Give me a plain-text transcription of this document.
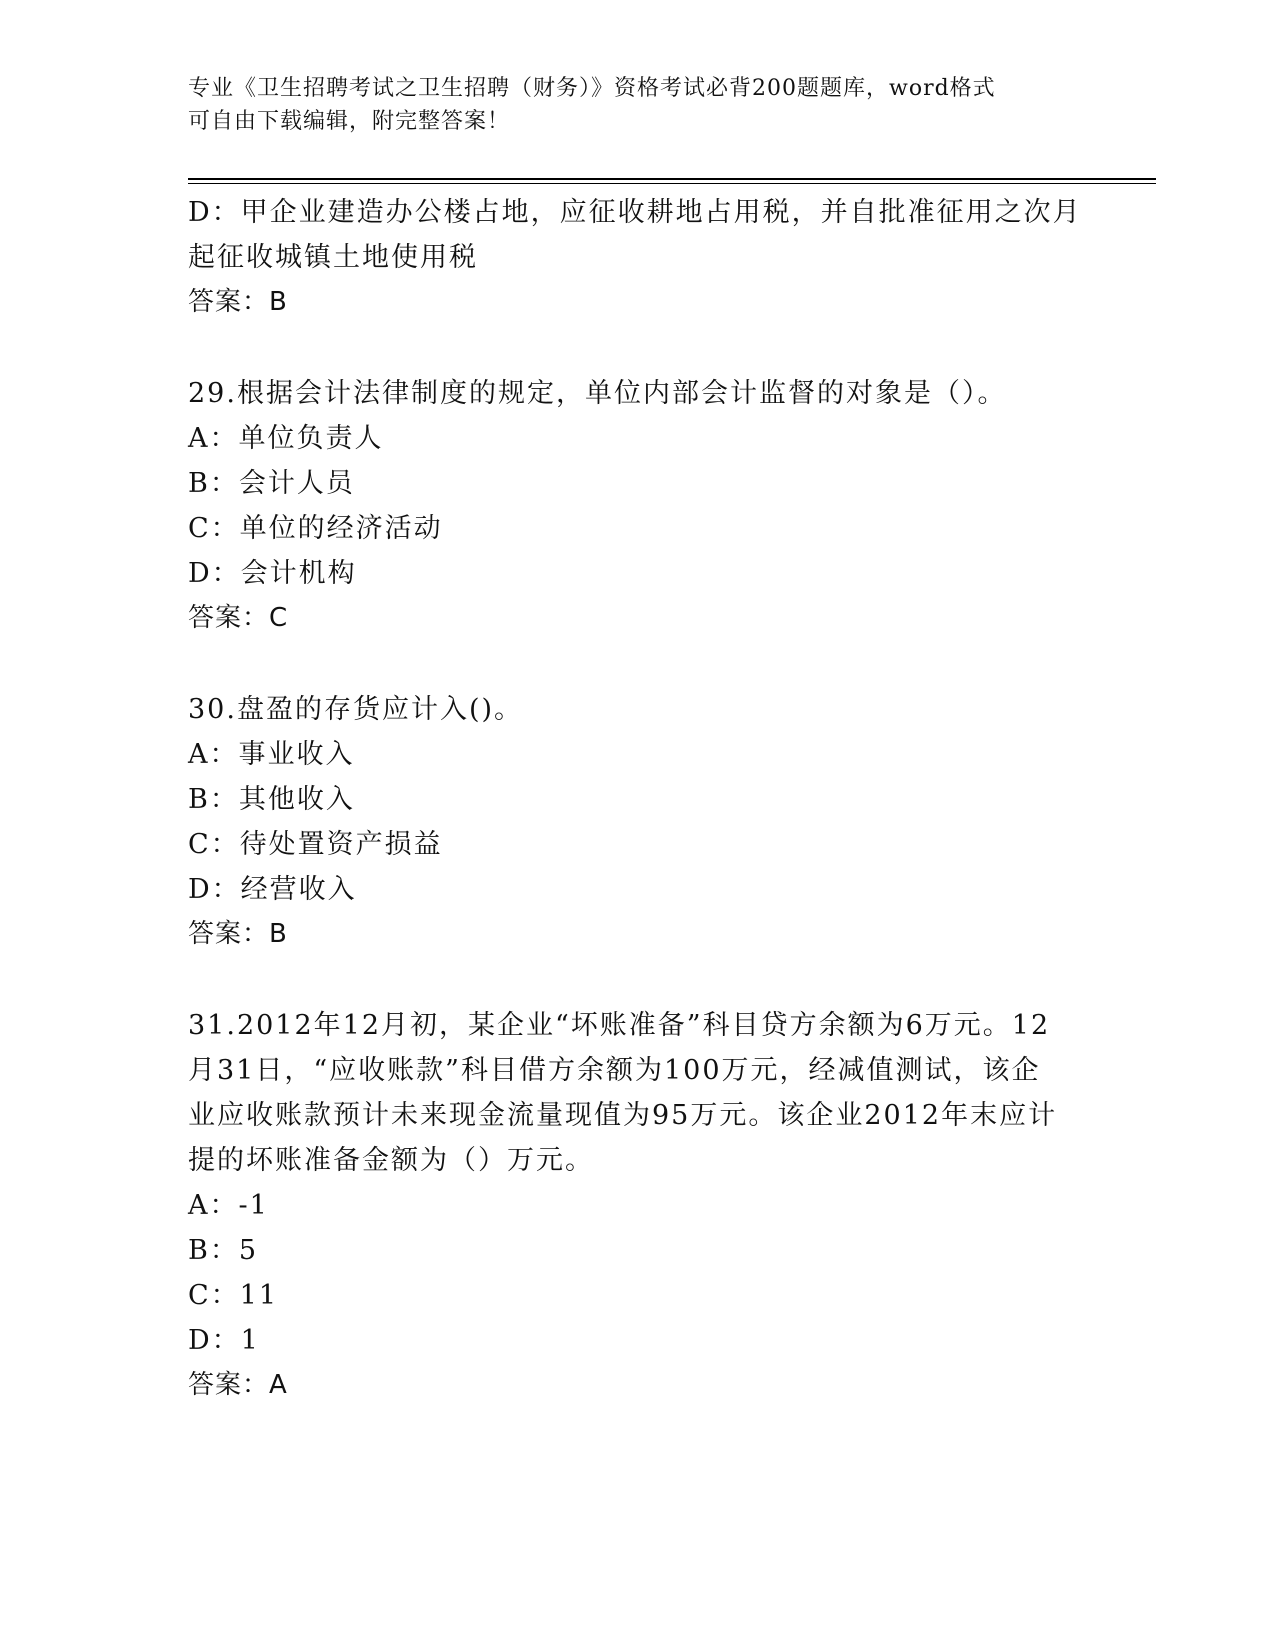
专业《卫生招聘考试之卫生招聘（财务）》资格考试必背200题题库，word格式
可自由下载编辑，附完整答案！
D：甲企业建造办公楼占地，应征收耕地占用税，并自批准征用之次月
起征收城镇土地使用税
答案：B
29.根据会计法律制度的规定，单位内部会计监督的对象是（）。
A：单位负责人
B：会计人员
C：单位的经济活动
D：会计机构
答案：C
30.盘盈的存货应计入()。
A：事业收入
B：其他收入
C：待处置资产损益
D：经营收入
答案：B
31.2012年12月初，某企业“坏账准备”科目贷方余额为6万元。12
月31日，“应收账款”科目借方余额为100万元，经减值测试，该企
业应收账款预计未来现金流量现值为95万元。该企业2012年末应计
提的坏账准备金额为（）万元。
A：-1
B：5
C：11
D：1
答案：A
